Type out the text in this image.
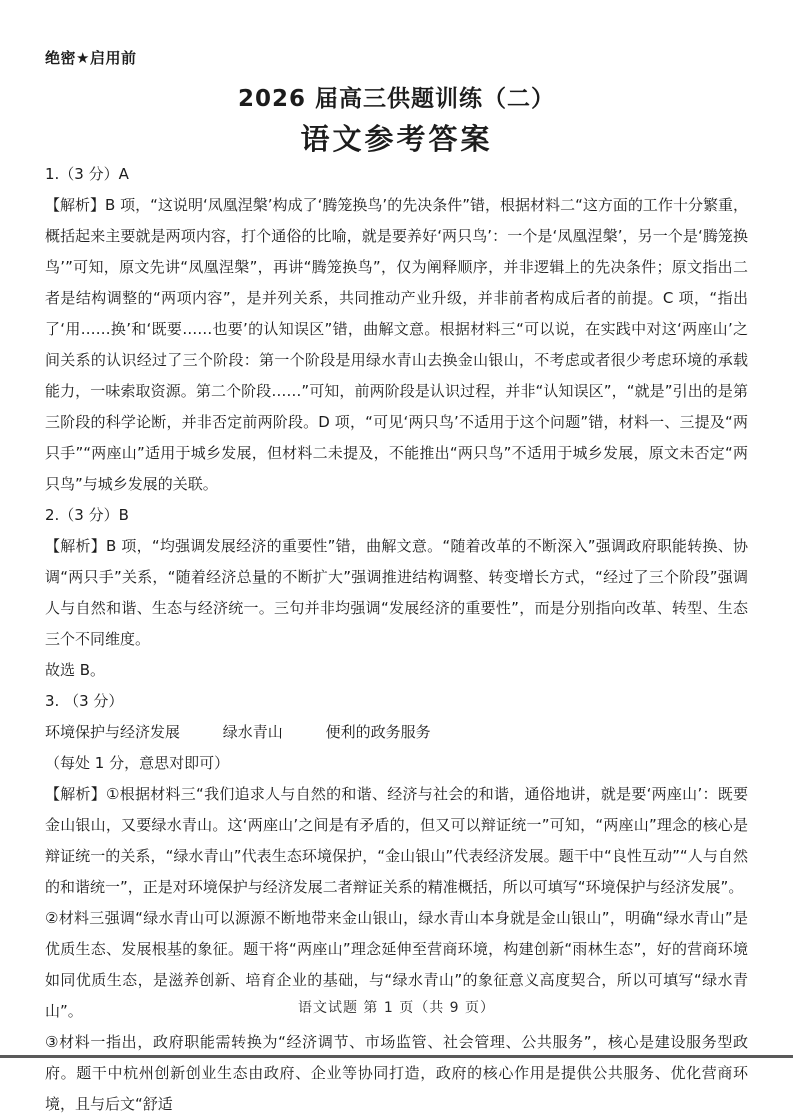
绝密★启用前
2026 届高三供题训练（二）
语文参考答案
1.（3 分）A

【解析】B 项，“这说明‘凤凰涅槃’构成了‘腾笼换鸟’的先决条件”错，根据材料二“这方面的工作十分繁重，概括起来主要就是两项内容，打个通俗的比喻，就是要养好‘两只鸟’：一个是‘凤凰涅槃’，另一个是‘腾笼换鸟’”可知，原文先讲“凤凰涅槃”，再讲“腾笼换鸟”，仅为阐释顺序，并非逻辑上的先决条件；原文指出二者是结构调整的“两项内容”，是并列关系，共同推动产业升级，并非前者构成后者的前提。C 项，“指出了‘用……换’和‘既要……也要’的认知误区”错，曲解文意。根据材料三“可以说，在实践中对这‘两座山’之间关系的认识经过了三个阶段：第一个阶段是用绿水青山去换金山银山，不考虑或者很少考虑环境的承载能力，一味索取资源。第二个阶段……”可知，前两阶段是认识过程，并非“认知误区”，“就是”引出的是第三阶段的科学论断，并非否定前两阶段。D 项，“可见‘两只鸟’不适用于这个问题”错，材料一、三提及“两只手”“两座山”适用于城乡发展，但材料二未提及，不能推出“两只鸟”不适用于城乡发展，原文未否定“两只鸟”与城乡发展的关联。

2.（3 分）B

【解析】B 项，“均强调发展经济的重要性”错，曲解文意。“随着改革的不断深入”强调政府职能转换、协调“两只手”关系，“随着经济总量的不断扩大”强调推进结构调整、转变增长方式，“经过了三个阶段”强调人与自然和谐、生态与经济统一。三句并非均强调“发展经济的重要性”，而是分别指向改革、转型、生态三个不同维度。

故选 B。
3. （3 分）
环境保护与经济发展	绿水青山	便利的政务服务
（每处 1 分，意思对即可）

【解析】①根据材料三“我们追求人与自然的和谐、经济与社会的和谐，通俗地讲，就是要‘两座山’：既要金山银山，又要绿水青山。这‘两座山’之间是有矛盾的，但又可以辩证统一”可知，“两座山”理念的核心是辩证统一的关系，“绿水青山”代表生态环境保护，“金山银山”代表经济发展。题干中“良性互动”“人与自然的和谐统一”，正是对环境保护与经济发展二者辩证关系的精准概括，所以可填写“环境保护与经济发展”。

②材料三强调“绿水青山可以源源不断地带来金山银山，绿水青山本身就是金山银山”，明确“绿水青山”是优质生态、发展根基的象征。题干将“两座山”理念延伸至营商环境，构建创新“雨林生态”，好的营商环境如同优质生态，是滋养创新、培育企业的基础，与“绿水青山”的象征意义高度契合，所以可填写“绿水青山”。

③材料一指出，政府职能需转换为“经济调节、市场监管、社会管理、公共服务”，核心是建设服务型政府。题干中杭州创新创业生态由政府、企业等协同打造，政府的核心作用是提供公共服务、优化营商环境，且与后文“舒适

语文试题 第 1 页（共 9 页）
